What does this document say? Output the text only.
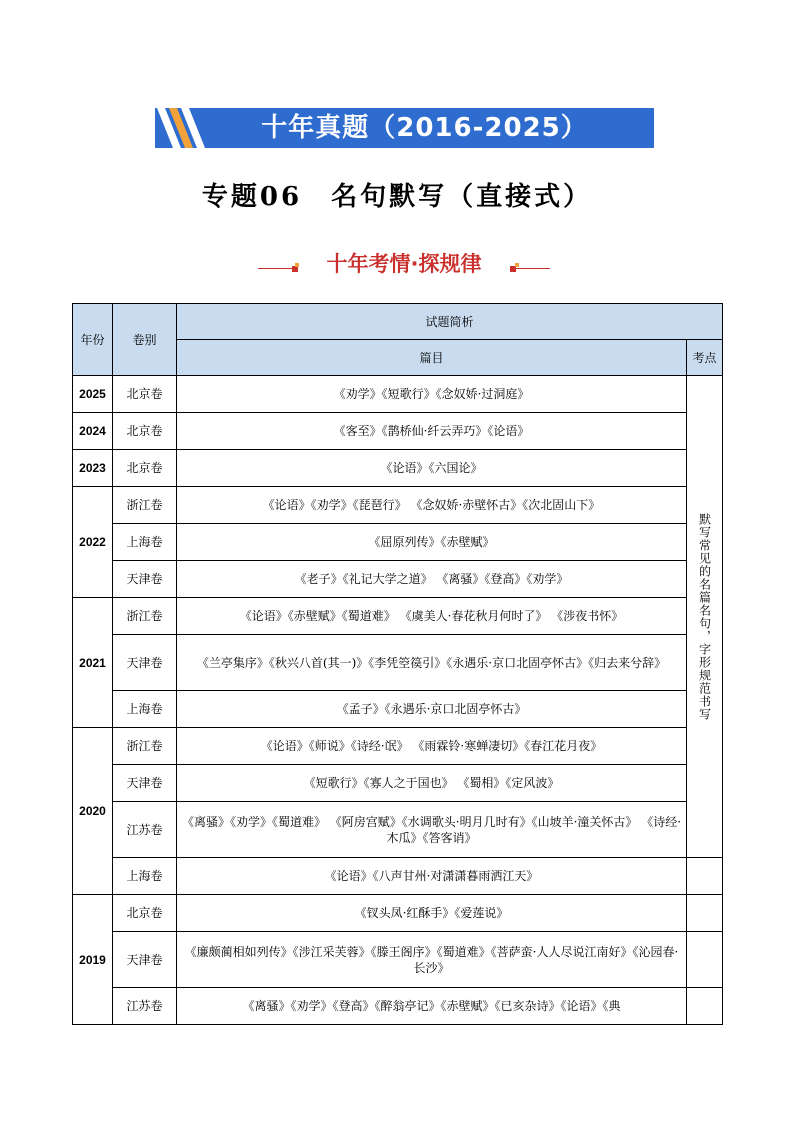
十年真题（2016-2025）
专题06　名句默写（直接式）
十年考情·探规律
年份	卷别	试题简析	
		篇目	考点
2025	北京卷	《劝学》《短歌行》《念奴娇·过洞庭》	默写常见的名篇名句，字形规范书写
2024	北京卷	《客至》《鹊桥仙·纤云弄巧》《论语》	
2023	北京卷	《论语》《六国论》	
2022	浙江卷	《论语》《劝学》《琵琶行》 《念奴娇·赤壁怀古》《次北固山下》	
	上海卷	《屈原列传》《赤壁赋》	
	天津卷	《老子》《礼记大学之道》 《离骚》《登高》《劝学》	
2021	浙江卷	《论语》《赤壁赋》《蜀道难》 《虞美人·春花秋月何时了》 《涉夜书怀》	
	天津卷	《兰亭集序》《秋兴八首(其一)》《李凭箜篌引》《永遇乐·京口北固亭怀古》《归去来兮辞》	
	上海卷	《孟子》《永遇乐·京口北固亭怀古》	
2020	浙江卷	《论语》《师说》《诗经·氓》 《雨霖铃·寒蝉凄切》《春江花月夜》	
	天津卷	《短歌行》《寡人之于国也》 《蜀相》《定风波》	
	江苏卷	《离骚》《劝学》《蜀道难》 《阿房宫赋》《水调歌头·明月几时有》《山坡羊·潼关怀古》 《诗经·木瓜》《答客诮》	
	上海卷	《论语》《八声甘州·对潇潇暮雨洒江天》	
2019	北京卷	《钗头凤·红酥手》《爱莲说》	
	天津卷	《廉颇蔺相如列传》《涉江采芙蓉》《滕王阁序》《蜀道难》《菩萨蛮·人人尽说江南好》《沁园春·长沙》	
	江苏卷	《离骚》《劝学》《登高》《醉翁亭记》《赤壁赋》《已亥杂诗》《论语》《典	
